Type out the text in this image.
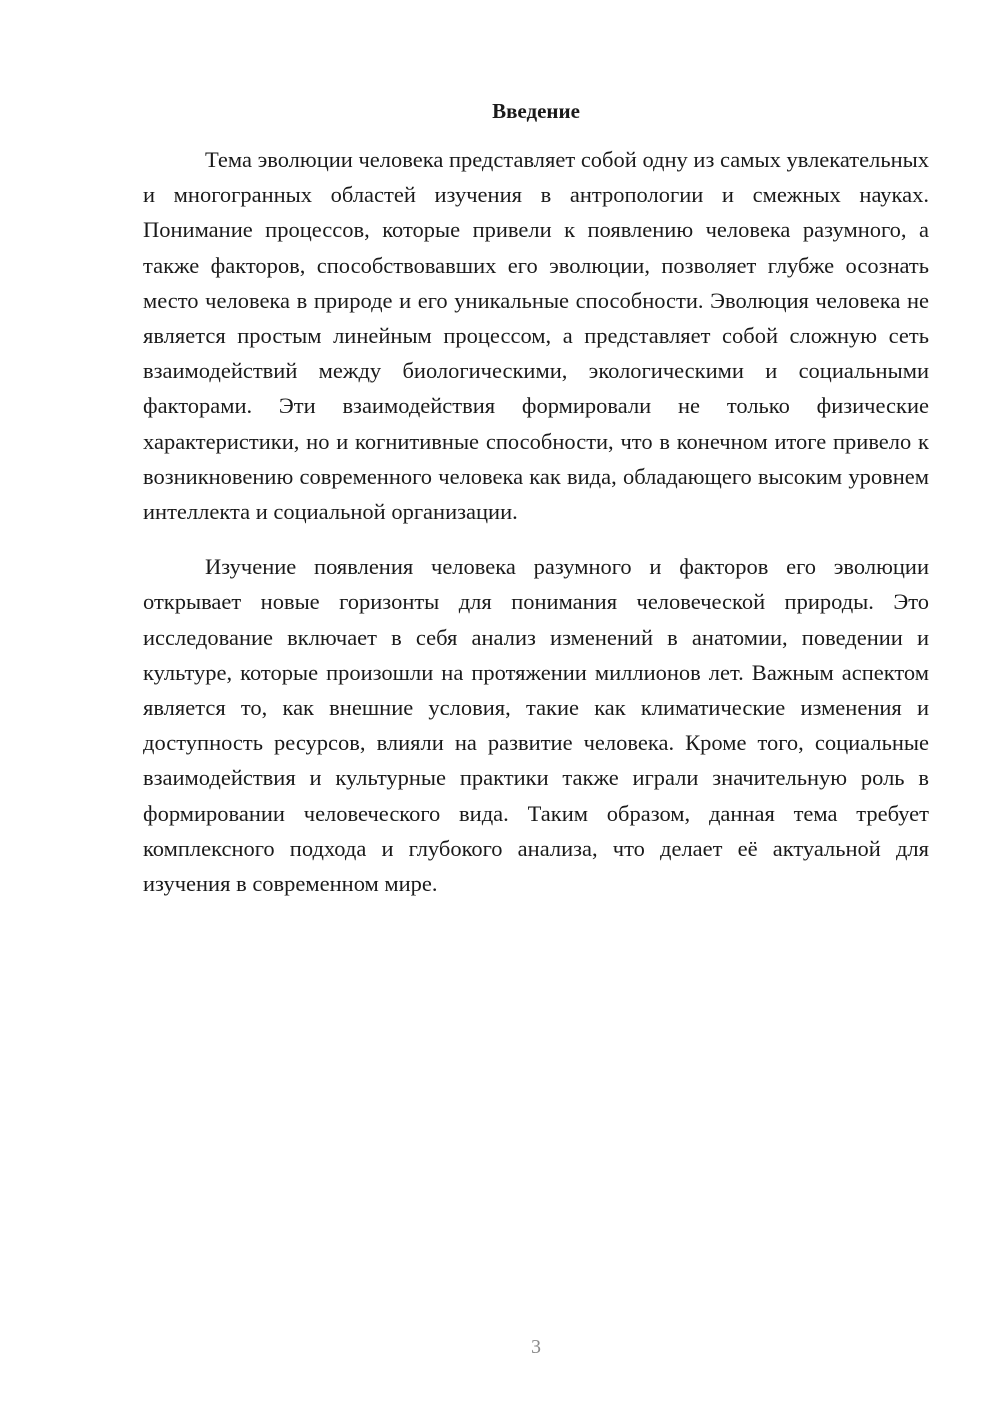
Введение

Тема эволюции человека представляет собой одну из самых увлекательных и многогранных областей изучения в антропологии и смежных науках. Понимание процессов, которые привели к появлению человека разумного, а также факторов, способствовавших его эволюции, позволяет глубже осознать место человека в природе и его уникальные способности. Эволюция человека не является простым линейным процессом, а представляет собой сложную сеть взаимодействий между биологическими, экологическими и социальными факторами. Эти взаимодействия формировали не только физические характеристики, но и когнитивные способности, что в конечном итоге привело к возникновению современного человека как вида, обладающего высоким уровнем интеллекта и социальной организации.

Изучение появления человека разумного и факторов его эволюции открывает новые горизонты для понимания человеческой природы. Это исследование включает в себя анализ изменений в анатомии, поведении и культуре, которые произошли на протяжении миллионов лет. Важным аспектом является то, как внешние условия, такие как климатические изменения и доступность ресурсов, влияли на развитие человека. Кроме того, социальные взаимодействия и культурные практики также играли значительную роль в формировании человеческого вида. Таким образом, данная тема требует комплексного подхода и глубокого анализа, что делает её актуальной для изучения в современном мире.

3
